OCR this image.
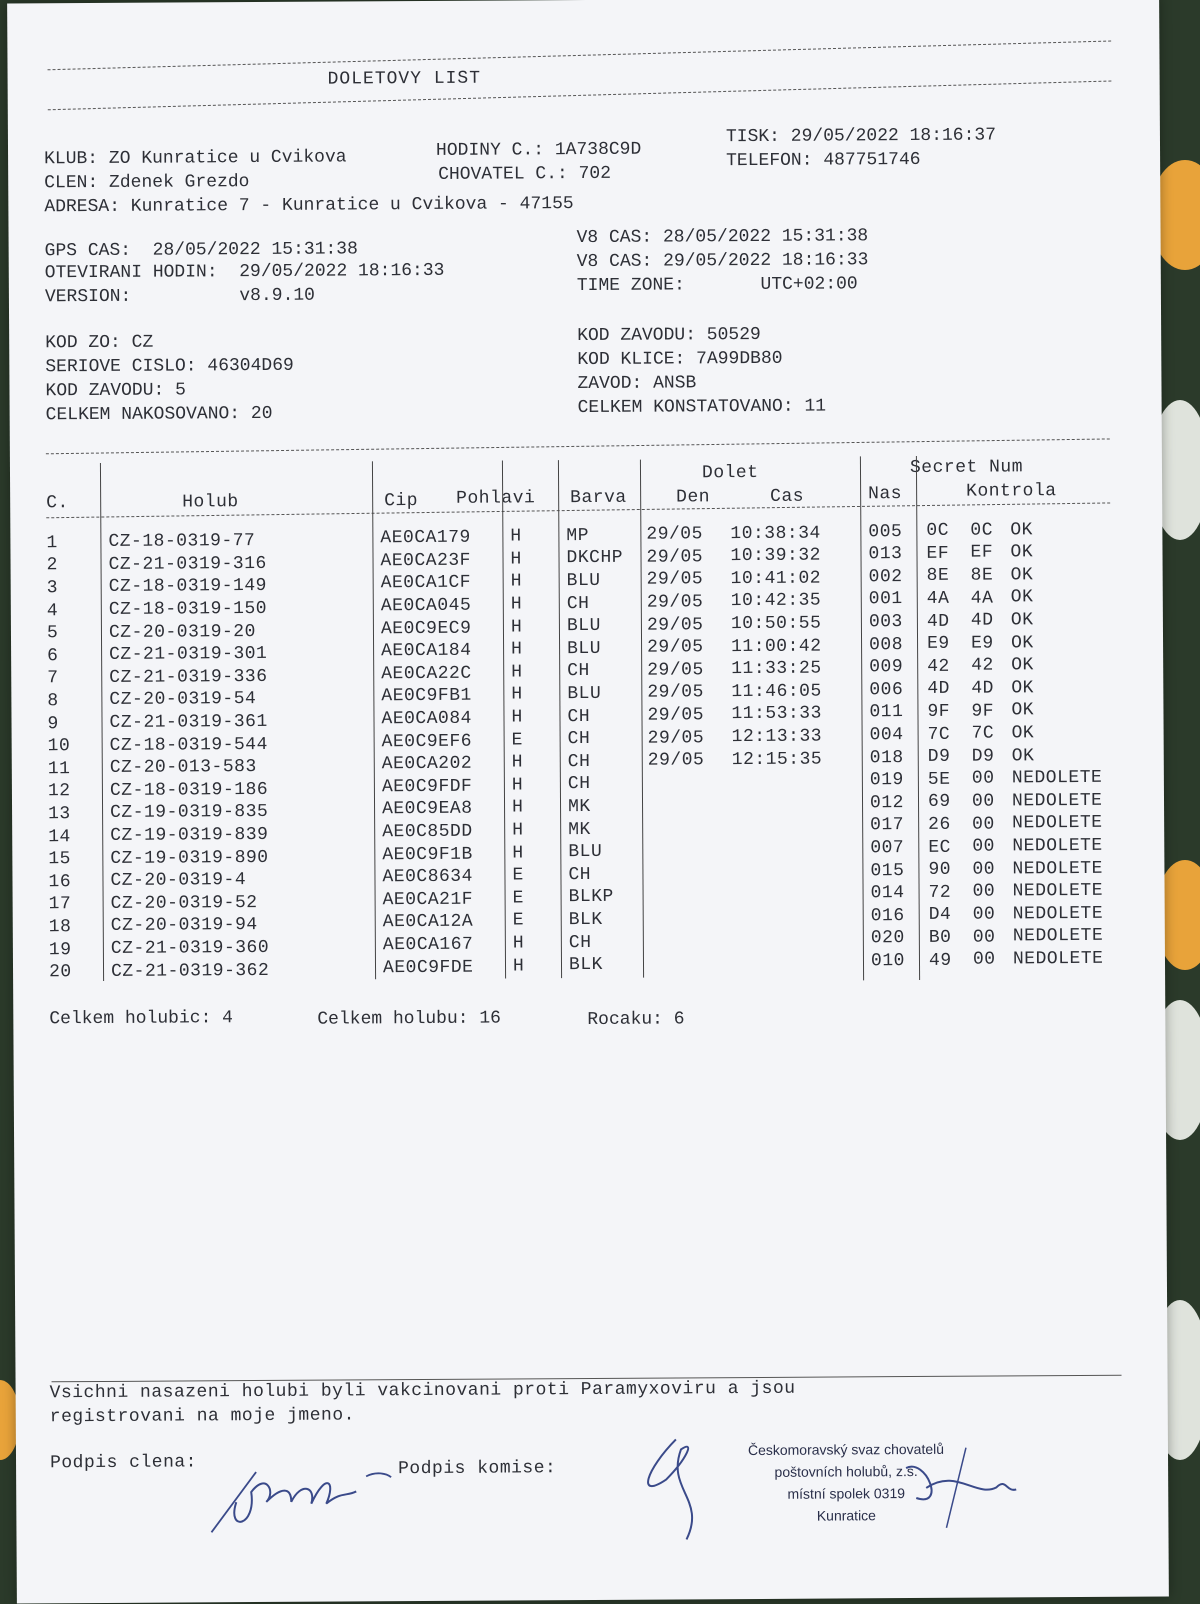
DOLETOVY LIST
KLUB: ZO Kunratice u Cvikova	HODINY C.: 1A738C9D
TISK: 29/05/2022 18:16:37
CLEN: Zdenek Grezdo	CHOVATEL C.: 702
TELEFON: 487751746
ADRESA: Kunratice 7 - Kunratice u Cvikova - 47155
GPS CAS:  28/05/2022 15:31:38
OTEVIRANI HODIN:  29/05/2022 18:16:33
VERSION:          v8.9.10
V8 CAS: 28/05/2022 15:31:38
V8 CAS: 29/05/2022 18:16:33
TIME ZONE:       UTC+02:00
KOD ZO: CZ
SERIOVE CISLO: 46304D69
KOD ZAVODU: 5
CELKEM NAKOSOVANO: 20
KOD ZAVODU: 50529
KOD KLICE: 7A99DB80
ZAVOD: ANSB
CELKEM KONSTATOVANO: 11
Dolet	Secret Num
C.	Holub	Cip Pohlavi Barva	Den	Cas	Nas	Kontrola
1	CZ-18-0319-77	AE0CA179 H MP	29/05 10:38:34	005 0C 0C OK
2	CZ-21-0319-316	AE0CA23F H DKCHP 29/05 10:39:32	013 EF EF OK
3	CZ-18-0319-149	AE0CA1CF H BLU	29/05 10:41:02	002 8E 8E OK
4	CZ-18-0319-150	AE0CA045 H CH	29/05 10:42:35	001 4A 4A OK
5	CZ-20-0319-20	AE0C9EC9 H BLU	29/05 10:50:55	003 4D 4D OK
6	CZ-21-0319-301	AE0CA184 H BLU	29/05 11:00:42	008 E9 E9 OK
7	CZ-21-0319-336	AE0CA22C H CH	29/05 11:33:25	009 42 42 OK
8	CZ-20-0319-54	AE0C9FB1 H BLU	29/05 11:46:05	006 4D 4D OK
9	CZ-21-0319-361	AE0CA084 H CH	29/05 11:53:33	011 9F 9F OK
10 CZ-18-0319-544	AE0C9EF6 E CH	29/05 12:13:33	004 7C 7C OK
11 CZ-20-013-583	AE0CA202 H CH	29/05 12:15:35	018 D9 D9 OK
12 CZ-18-0319-186	AE0C9FDF H CH	019 5E 00 NEDOLETE
13 CZ-19-0319-835	AE0C9EA8 H MK	012 69 00 NEDOLETE
14 CZ-19-0319-839	AE0C85DD H MK	017 26 00 NEDOLETE
15 CZ-19-0319-890	AE0C9F1B H BLU	007 EC 00 NEDOLETE
16 CZ-20-0319-4	AE0C8634 E CH	015 90 00 NEDOLETE
17 CZ-20-0319-52	AE0CA21F E BLKP	014 72 00 NEDOLETE
18 CZ-20-0319-94	AE0CA12A E BLK	016 D4 00 NEDOLETE
19 CZ-21-0319-360	AE0CA167 H CH	020 B0 00 NEDOLETE
20 CZ-21-0319-362	AE0C9FDE H BLK	010 49 00 NEDOLETE
Celkem holubic: 4	Celkem holubu: 16	Rocaku: 6
Vsichni nasazeni holubi byli vakcinovani proti Paramyxoviru a jsou
registrovani na moje jmeno.
Podpis clena:	Podpis komise:
Českomoravský svaz chovatelů
poštovních holubů, z.s.
místní spolek 0319
Kunratice
